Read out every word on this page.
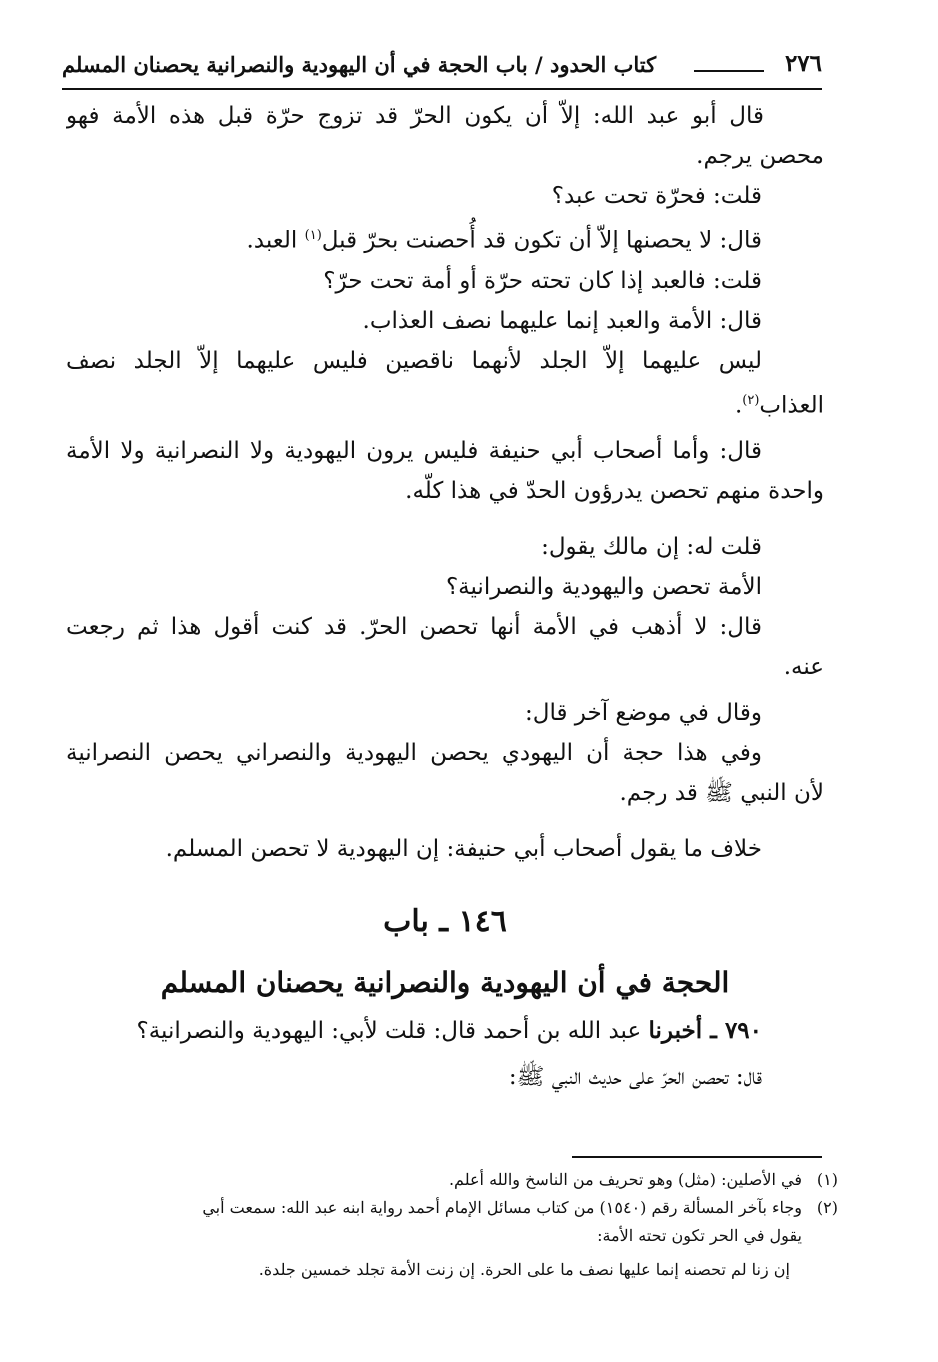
٢٧٦
كتاب الحدود / باب الحجة في أن اليهودية والنصرانية يحصنان المسلم
قال أبو عبد الله: إلاّ أن يكون الحرّ قد تزوج حرّة قبل هذه الأمة فهو
محصن يرجم.
قلت: فحرّة تحت عبد؟
قال: لا يحصنها إلاّ أن تكون قد أُحصنت بحرّ قبل$^{(١)}$ العبد.
قلت: فالعبد إذا كان تحته حرّة أو أمة تحت حرّ؟
قال: الأمة والعبد إنما عليهما نصف العذاب.
ليس عليهما إلاّ الجلد لأنهما ناقصين فليس عليهما إلاّ الجلد نصف
العذاب$^{(٢)}$.
قال: وأما أصحاب أبي حنيفة فليس يرون اليهودية ولا النصرانية ولا الأمة
واحدة منهم تحصن يدرؤون الحدّ في هذا كلّه.
قلت له: إن مالك يقول:
الأمة تحصن واليهودية والنصرانية؟
قال: لا أذهب في الأمة أنها تحصن الحرّ. قد كنت أقول هذا ثم رجعت
عنه.
وقال في موضع آخر قال:
وفي هذا حجة أن اليهودي يحصن اليهودية والنصراني يحصن النصرانية
لأن النبي ﷺ قد رجم.
خلاف ما يقول أصحاب أبي حنيفة: إن اليهودية لا تحصن المسلم.
١٤٦ ـ باب
الحجة في أن اليهودية والنصرانية يحصنان المسلم
٧٩٠ ـ أخبرنا عبد الله بن أحمد قال: قلت لأبي: اليهودية والنصرانية؟
قال: تحصن الحرّ على حديث النبي ﷺ:
(١)
في الأصلين: (مثل) وهو تحريف من الناسخ والله أعلم.
(٢)
وجاء بآخر المسألة رقم (١٥٤٠) من كتاب مسائل الإمام أحمد رواية ابنه عبد الله: سمعت أبي
يقول في الحر تكون تحته الأمة:
إن زنا لم تحصنه إنما عليها نصف ما على الحرة. إن زنت الأمة تجلد خمسين جلدة.
